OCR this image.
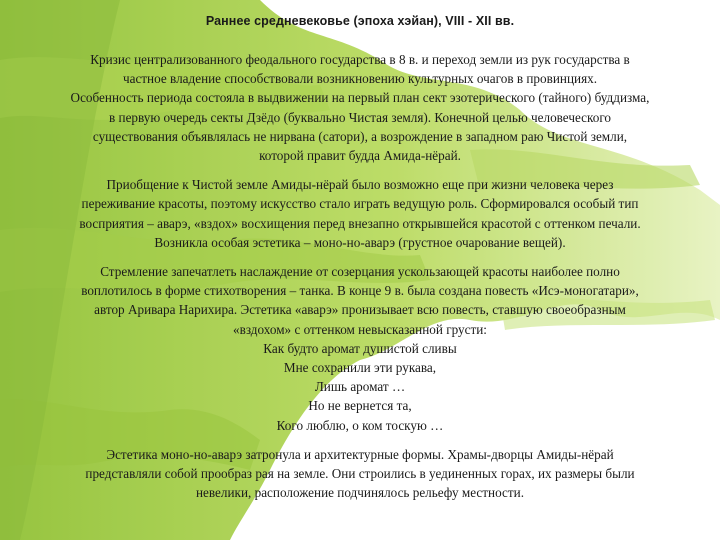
Раннее средневековье (эпоха хэйан), VIII - XII вв.

Кризис централизованного феодального государства в 8 в. и переход земли из рук государства в
частное владение способствовали возникновению культурных очагов в провинциях.
Особенность периода состояла в выдвижении на первый план сект эзотерического (тайного) буддизма,
в первую очередь секты Дзёдо (буквально Чистая земля). Конечной целью человеческого
существования объявлялась не нирвана (сатори), а возрождение в западном раю Чистой земли,
которой правит будда Амида-нёрай.

Приобщение к Чистой земле Амиды-нёрай было возможно еще при жизни человека через
переживание красоты, поэтому искусство стало играть ведущую роль. Сформировался особый тип
восприятия – аварэ, «вздох» восхищения перед внезапно открывшейся красотой с оттенком печали.
Возникла особая эстетика – моно-но-аварэ (грустное очарование вещей).

Стремление запечатлеть наслаждение от созерцания ускользающей красоты наиболее полно
воплотилось в форме стихотворения – танка. В конце 9 в. была создана повесть «Исэ-моногатари»,
автор Аривара Нарихира. Эстетика «аварэ» пронизывает всю повесть, ставшую своеобразным
«вздохом» с оттенком невысказанной грусти:

Как будто аромат душистой сливы
Мне сохранили эти рукава,
Лишь аромат …
Но не вернется та,
Кого люблю, о ком тоскую …

Эстетика моно-но-аварэ затронула и архитектурные формы. Храмы-дворцы Амиды-нёрай
представляли собой прообраз рая на земле. Они строились в уединенных горах, их размеры были
невелики, расположение подчинялось рельефу местности.
